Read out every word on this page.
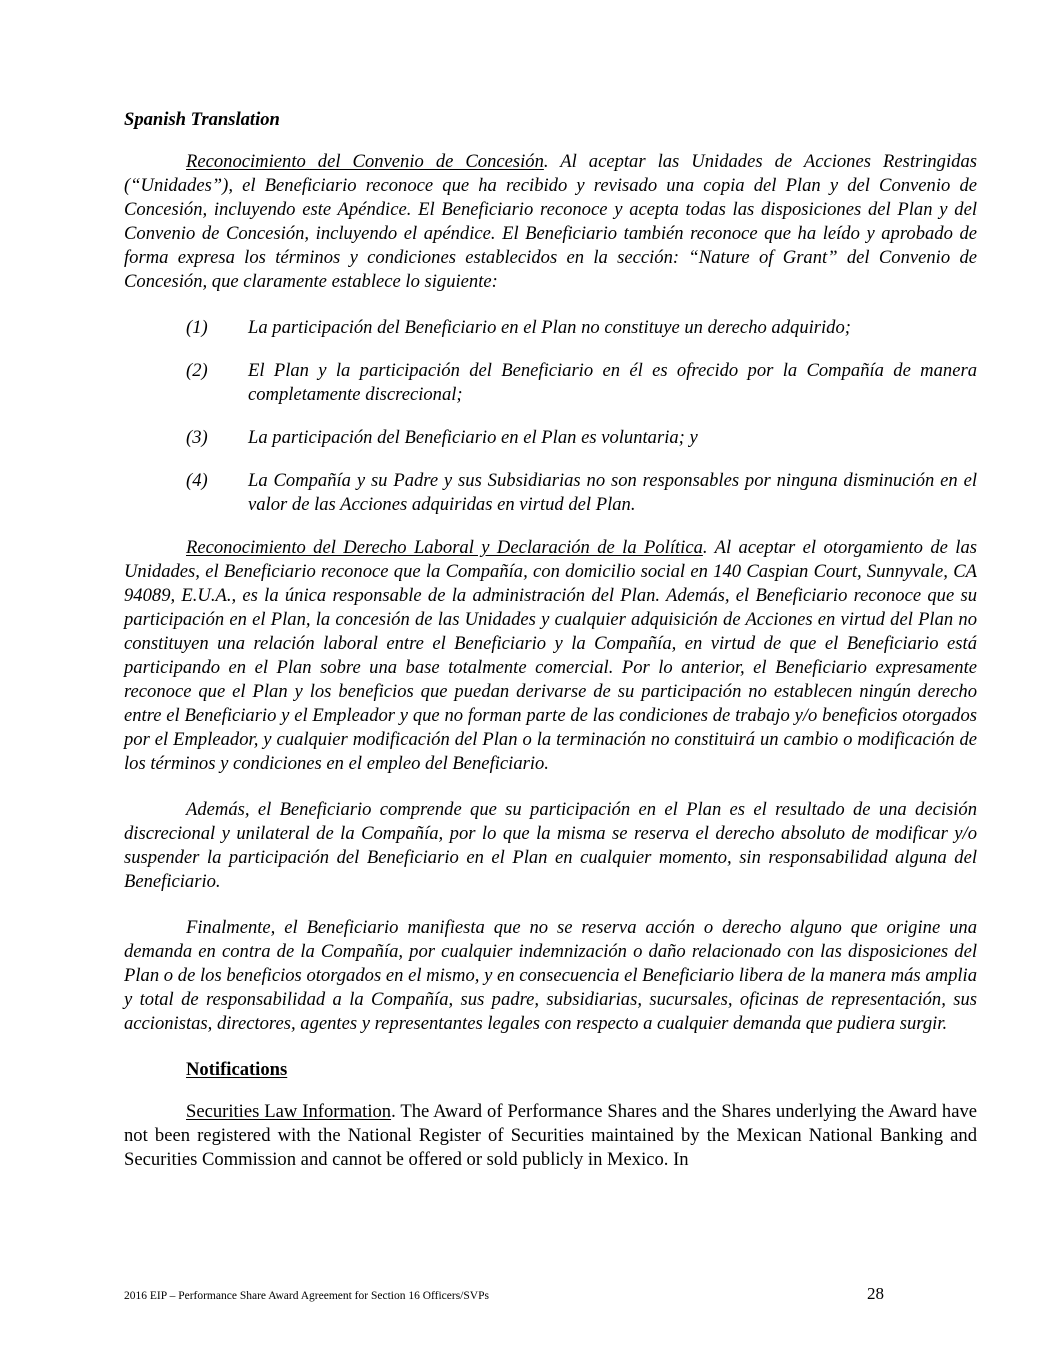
Spanish Translation

Reconocimiento del Convenio de Concesión. Al aceptar las Unidades de Acciones Restringidas (“Unidades”), el Beneficiario reconoce que ha recibido y revisado una copia del Plan y del Convenio de Concesión, incluyendo este Apéndice. El Beneficiario reconoce y acepta todas las disposiciones del Plan y del Convenio de Concesión, incluyendo el apéndice. El Beneficiario también reconoce que ha leído y aprobado de forma expresa los términos y condiciones establecidos en la sección: “Nature of Grant” del Convenio de Concesión, que claramente establece lo siguiente:

(1)	La participación del Beneficiario en el Plan no constituye un derecho adquirido;
(2)	El Plan y la participación del Beneficiario en él es ofrecido por la Compañía de manera completamente discrecional;
(3)	La participación del Beneficiario en el Plan es voluntaria; y
(4)	La Compañía y su Padre y sus Subsidiarias no son responsables por ninguna disminución en el valor de las Acciones adquiridas en virtud del Plan.

Reconocimiento del Derecho Laboral y Declaración de la Política. Al aceptar el otorgamiento de las Unidades, el Beneficiario reconoce que la Compañía, con domicilio social en 140 Caspian Court, Sunnyvale, CA 94089, E.U.A., es la única responsable de la administración del Plan. Además, el Beneficiario reconoce que su participación en el Plan, la concesión de las Unidades y cualquier adquisición de Acciones en virtud del Plan no constituyen una relación laboral entre el Beneficiario y la Compañía, en virtud de que el Beneficiario está participando en el Plan sobre una base totalmente comercial. Por lo anterior, el Beneficiario expresamente reconoce que el Plan y los beneficios que puedan derivarse de su participación no establecen ningún derecho entre el Beneficiario y el Empleador y que no forman parte de las condiciones de trabajo y/o beneficios otorgados por el Empleador, y cualquier modificación del Plan o la terminación no constituirá un cambio o modificación de los términos y condiciones en el empleo del Beneficiario.

Además, el Beneficiario comprende que su participación en el Plan es el resultado de una decisión discrecional y unilateral de la Compañía, por lo que la misma se reserva el derecho absoluto de modificar y/o suspender la participación del Beneficiario en el Plan en cualquier momento, sin responsabilidad alguna del Beneficiario.

Finalmente, el Beneficiario manifiesta que no se reserva acción o derecho alguno que origine una demanda en contra de la Compañía, por cualquier indemnización o daño relacionado con las disposiciones del Plan o de los beneficios otorgados en el mismo, y en consecuencia el Beneficiario libera de la manera más amplia y total de responsabilidad a la Compañía, sus padre, subsidiarias, sucursales, oficinas de representación, sus accionistas, directores, agentes y representantes legales con respecto a cualquier demanda que pudiera surgir.

Notifications

Securities Law Information. The Award of Performance Shares and the Shares underlying the Award have not been registered with the National Register of Securities maintained by the Mexican National Banking and Securities Commission and cannot be offered or sold publicly in Mexico. In

2016 EIP – Performance Share Award Agreement for Section 16 Officers/SVPs	28
